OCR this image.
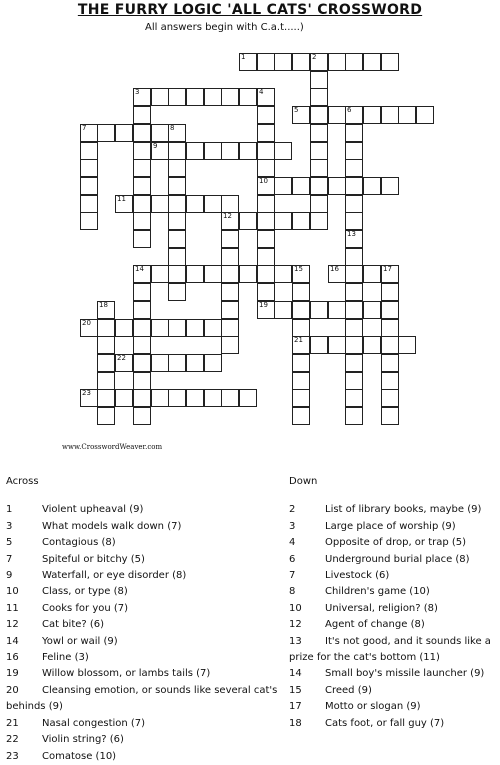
THE FURRY LOGIC 'ALL CATS' CROSSWORD
All answers begin with C.a.t.....)
1	2
3	4
5	6
13
7	8
9
10
19
11
12
14	15
21
16	17
18
20
22
23
www.CrosswordWeaver.com
Across
1	Violent upheaval (9)
3	What models walk down (7)
5	Contagious (8)
7	Spiteful or bitchy (5)
9	Waterfall, or eye disorder (8)
10 Class, or type (8)
11 Cooks for you (7)
12 Cat bite? (6)
14 Yowl or wail (9)
16 Feline (3)
19 Willow blossom, or lambs tails (7)
20 Cleansing emotion, or sounds like several cat's behinds (9)
21 Nasal congestion (7)
22 Violin string? (6)
23 Comatose (10)
Down
2	List of library books, maybe (9)
3	Large place of worship (9)
4	Opposite of drop, or trap (5)
6	Underground burial place (8)
7	Livestock (6)
8	Children's game (10)
10 Universal, religion? (8)
12 Agent of change (8)
13 It's not good, and it sounds like a prize for the cat's bottom (11)
14 Small boy's missile launcher (9)
15 Creed (9)
17 Motto or slogan (9)
18 Cats foot, or fall guy (7)
